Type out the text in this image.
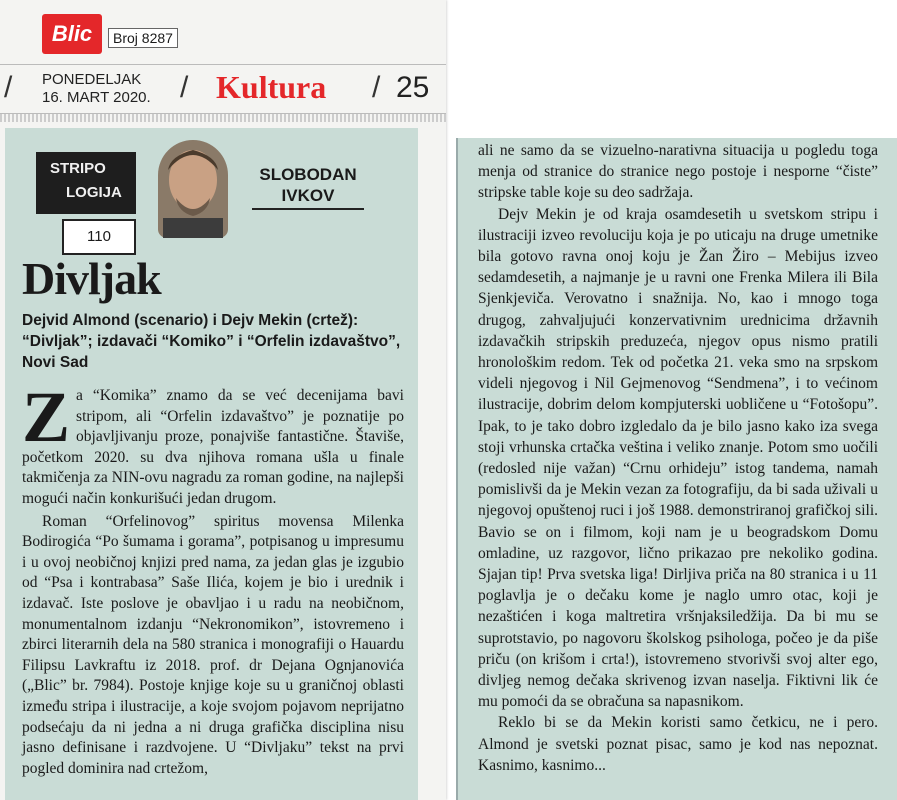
Blic	Broj 8287
/ PONEDELJAK
16. MART 2020. / Kultura / 25
STRIPO
LOGIJA
110
SLOBODAN
IVKOV
Divljak
Dejvid Almond (scenario) i Dejv Mekin (crtež): “Divljak”; izdavači “Komiko” i “Orfelin izdavaštvo”, Novi Sad

Z a “Komika” znamo da se već decenijama bavi stripom, ali “Orfelin izdavaštvo” je poznatije po objavljivanju proze, ponajviše fantastične. Štaviše, početkom 2020. su dva njihova romana ušla u finale takmičenja za NIN-ovu nagradu za roman godine, na najlepši mogući način konkurišući jedan drugom.

Roman “Orfelinovog” spiritus movensa Milenka Bodirogića “Po šumama i gorama”, potpisanog u impresumu i u ovoj neobičnoj knjizi pred nama, za jedan glas je izgubio od “Psa i kontrabasa” Saše Ilića, kojem je bio i urednik i izdavač. Iste poslove je obavljao i u radu na neobičnom, monumentalnom izdanju “Nekronomikon”, istovremeno i zbirci literarnih dela na 580 stranica i monografiji o Hauardu Filipsu Lavkraftu iz 2018. prof. dr Dejana Ognjanovića („Blic” br. 7984). Postoje knjige koje su u graničnoj oblasti između stripa i ilustracije, a koje svojom pojavom neprijatno podsećaju da ni jedna a ni druga grafička disciplina nisu jasno definisane i razdvojene. U “Divljaku” tekst na prvi pogled dominira nad crtežom,

ali ne samo da se vizuelno-narativna situacija u pogledu toga menja od stranice do stranice nego postoje i nesporne “čiste” stripske table koje su deo sadržaja.

Dejv Mekin je od kraja osamdesetih u svetskom stripu i ilustraciji izveo revoluciju koja je po uticaju na druge umetnike bila gotovo ravna onoj koju je Žan Žiro – Mebijus izveo sedamdesetih, a najmanje je u ravni one Frenka Milera ili Bila Sjenkjeviča. Verovatno i snažnija. No, kao i mnogo toga drugog, zahvaljujući konzervativnim urednicima državnih izdavačkih stripskih preduzeća, njegov opus nismo pratili hronološkim redom. Tek od početka 21. veka smo na srpskom videli njegovog i Nil Gejmenovog “Sendmena”, i to većinom ilustracije, dobrim delom kompjuterski uobličene u “Fotošopu”. Ipak, to je tako dobro izgledalo da je bilo jasno kako iza svega stoji vrhunska crtačka veština i veliko znanje. Potom smo uočili (redosled nije važan) “Crnu orhideju” istog tandema, namah pomislivši da je Mekin vezan za fotografiju, da bi sada uživali u njegovoj opuštenoj ruci i još 1988. demonstriranoj grafičkoj sili. Bavio se on i filmom, koji nam je u beogradskom Domu omladine, uz razgovor, lično prikazao pre nekoliko godina. Sjajan tip! Prva svetska liga! Dirljiva priča na 80 stranica i u 11 poglavlja je o dečaku kome je naglo umro otac, koji je nezaštićen i koga maltretira vršnjaksiledžija. Da bi mu se suprotstavio, po nagovoru školskog psihologa, počeo je da piše priču (on krišom i crta!), istovremeno stvorivši svoj alter ego, divljeg nemog dečaka skrivenog izvan naselja. Fiktivni lik će mu pomoći da se obračuna sa napasnikom.

Reklo bi se da Mekin koristi samo četkicu, ne i pero. Almond je svetski poznat pisac, samo je kod nas nepoznat. Kasnimo, kasnimo...
